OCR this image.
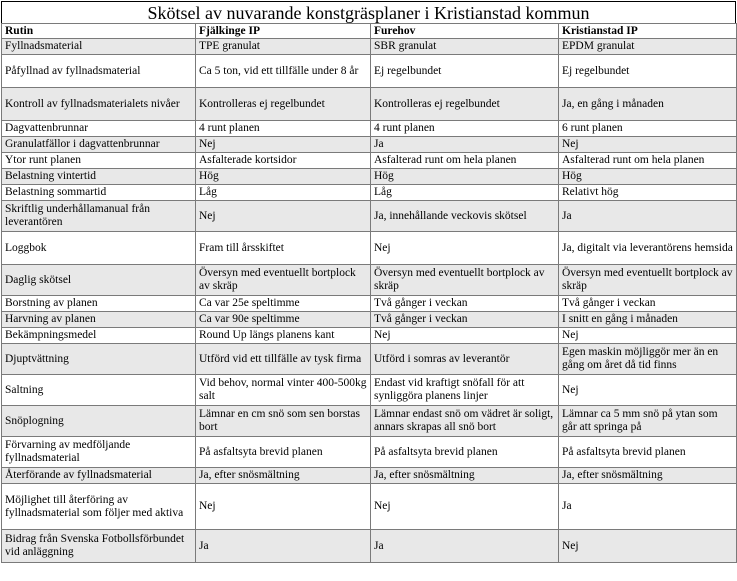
Skötsel av nuvarande konstgräsplaner i Kristianstad kommun
Rutin	Fjälkinge IP	Furehov	Kristianstad IP
Fyllnadsmaterial	TPE granulat	SBR granulat	EPDM granulat
Påfyllnad av fyllnadsmaterial	Ca 5 ton, vid ett tillfälle under 8 år	Ej regelbundet	Ej regelbundet
Kontroll av fyllnadsmaterialets nivåer	Kontrolleras ej regelbundet	Kontrolleras ej regelbundet	Ja, en gång i månaden
Dagvattenbrunnar	4 runt planen	4 runt planen	6 runt planen
Granulatfällor i dagvattenbrunnar	Nej	Ja	Nej
Ytor runt planen	Asfalterade kortsidor	Asfalterad runt om hela planen	Asfalterad runt om hela planen
Belastning vintertid	Hög	Hög	Hög
Belastning sommartid	Låg	Låg	Relativt hög
Skriftlig underhållamanual från leverantören	Nej	Ja, innehållande veckovis skötsel	Ja
Loggbok	Fram till årsskiftet	Nej	Ja, digitalt via leverantörens hemsida
Daglig skötsel	Översyn med eventuellt bortplock av skräp	Översyn med eventuellt bortplock av skräp	Översyn med eventuellt bortplock av skräp
Borstning av planen	Ca var 25e speltimme	Två gånger i veckan	Två gånger i veckan
Harvning av planen	Ca var 90e speltimme	Två gånger i veckan	I snitt en gång i månaden
Bekämpningsmedel	Round Up längs planens kant	Nej	Nej
Djuptvättning	Utförd vid ett tillfälle av tysk firma	Utförd i somras av leverantör	Egen maskin möjliggör mer än en gång om året då tid finns
Saltning	Vid behov, normal vinter 400-500kg salt	Endast vid kraftigt snöfall för att synliggöra planens linjer	Nej
Snöplogning	Lämnar en cm snö som sen borstas bort	Lämnar endast snö om vädret är soligt, annars skrapas all snö bort	Lämnar ca 5 mm snö på ytan som går att springa på
Förvarning av medföljande fyllnadsmaterial	På asfaltsyta brevid planen	På asfaltsyta brevid planen	På asfaltsyta brevid planen
Återförande av fyllnadsmaterial	Ja, efter snösmältning	Ja, efter snösmältning	Ja, efter snösmältning
Möjlighet till återföring av fyllnadsmaterial som följer med aktiva	Nej	Nej	Ja
Bidrag från Svenska Fotbollsförbundet vid anläggning	Ja	Ja	Nej
